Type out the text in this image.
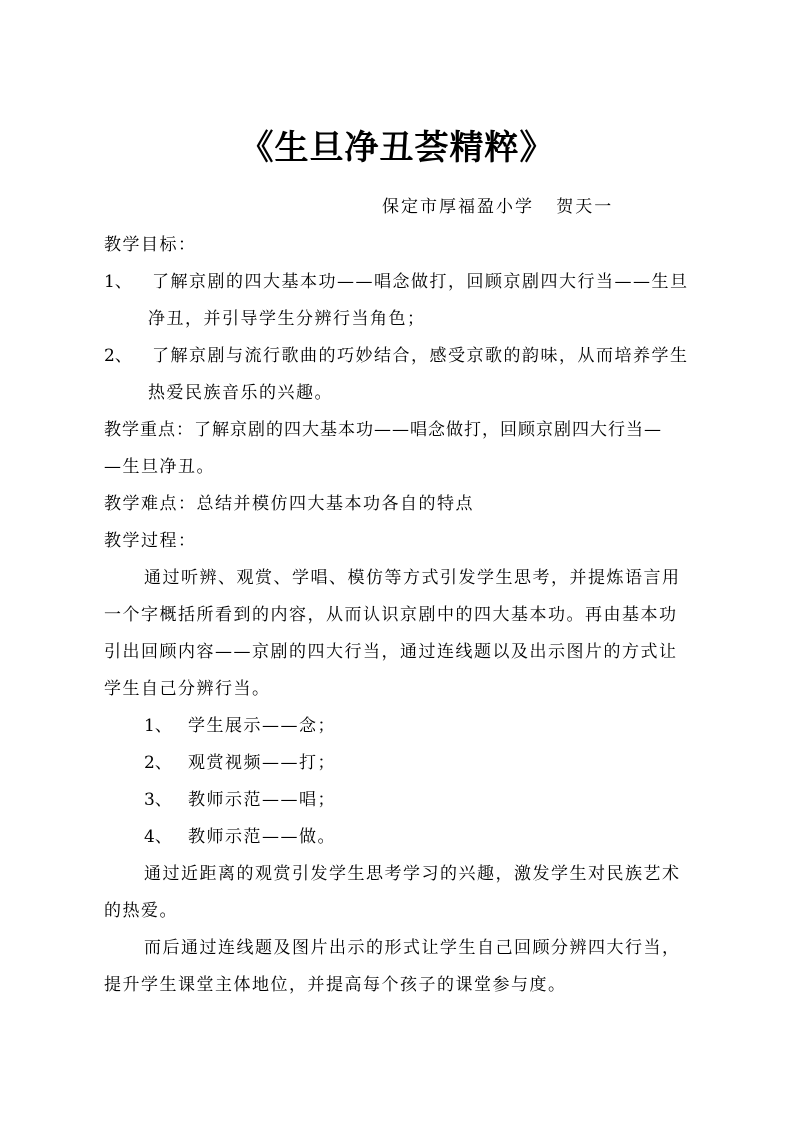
《生旦净丑荟精粹》
保定市厚福盈小学   贺天一
教学目标：
1、 了解京剧的四大基本功——唱念做打，回顾京剧四大行当——生旦
净丑，并引导学生分辨行当角色；
2、 了解京剧与流行歌曲的巧妙结合，感受京歌的韵味，从而培养学生
热爱民族音乐的兴趣。
教学重点：了解京剧的四大基本功——唱念做打，回顾京剧四大行当—
—生旦净丑。
教学难点：总结并模仿四大基本功各自的特点
教学过程：
通过听辨、观赏、学唱、模仿等方式引发学生思考，并提炼语言用
一个字概括所看到的内容，从而认识京剧中的四大基本功。再由基本功
引出回顾内容——京剧的四大行当，通过连线题以及出示图片的方式让
学生自己分辨行当。
1、 学生展示——念；
2、 观赏视频——打；
3、 教师示范——唱；
4、 教师示范——做。
通过近距离的观赏引发学生思考学习的兴趣，激发学生对民族艺术
的热爱。
而后通过连线题及图片出示的形式让学生自己回顾分辨四大行当，
提升学生课堂主体地位，并提高每个孩子的课堂参与度。
